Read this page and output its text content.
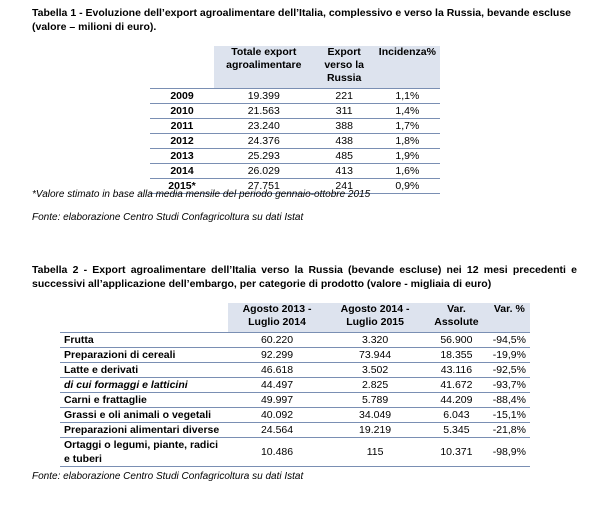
Tabella 1 - Evoluzione dell’export agroalimentare dell’Italia, complessivo e verso la Russia, bevande escluse (valore – milioni di euro).
	Totale export agroalimentare	Export verso la Russia	Incidenza%
2009	19.399	221	1,1%
2010	21.563	311	1,4%
2011	23.240	388	1,7%
2012	24.376	438	1,8%
2013	25.293	485	1,9%
2014	26.029	413	1,6%
2015*	27.751	241	0,9%
*Valore stimato in base alla media mensile del periodo gennaio-ottobre 2015
Fonte: elaborazione Centro Studi Confagricoltura su dati Istat
Tabella 2 - Export agroalimentare dell’Italia verso la Russia (bevande escluse) nei 12 mesi precedenti e successivi all’applicazione dell’embargo, per categorie di prodotto (valore - migliaia di euro)
	Agosto 2013 - Luglio 2014	Agosto 2014 - Luglio 2015	Var. Assolute	Var. %
Frutta	60.220	3.320	56.900	-94,5%
Preparazioni di cereali	92.299	73.944	18.355	-19,9%
Latte e derivati	46.618	3.502	43.116	-92,5%
di cui formaggi e latticini	44.497	2.825	41.672	-93,7%
Carni e frattaglie	49.997	5.789	44.209	-88,4%
Grassi e oli animali o vegetali	40.092	34.049	6.043	-15,1%
Preparazioni alimentari diverse	24.564	19.219	5.345	-21,8%
Ortaggi o legumi, piante, radici e tuberi	10.486	115	10.371	-98,9%
Fonte: elaborazione Centro Studi Confagricoltura su dati Istat
